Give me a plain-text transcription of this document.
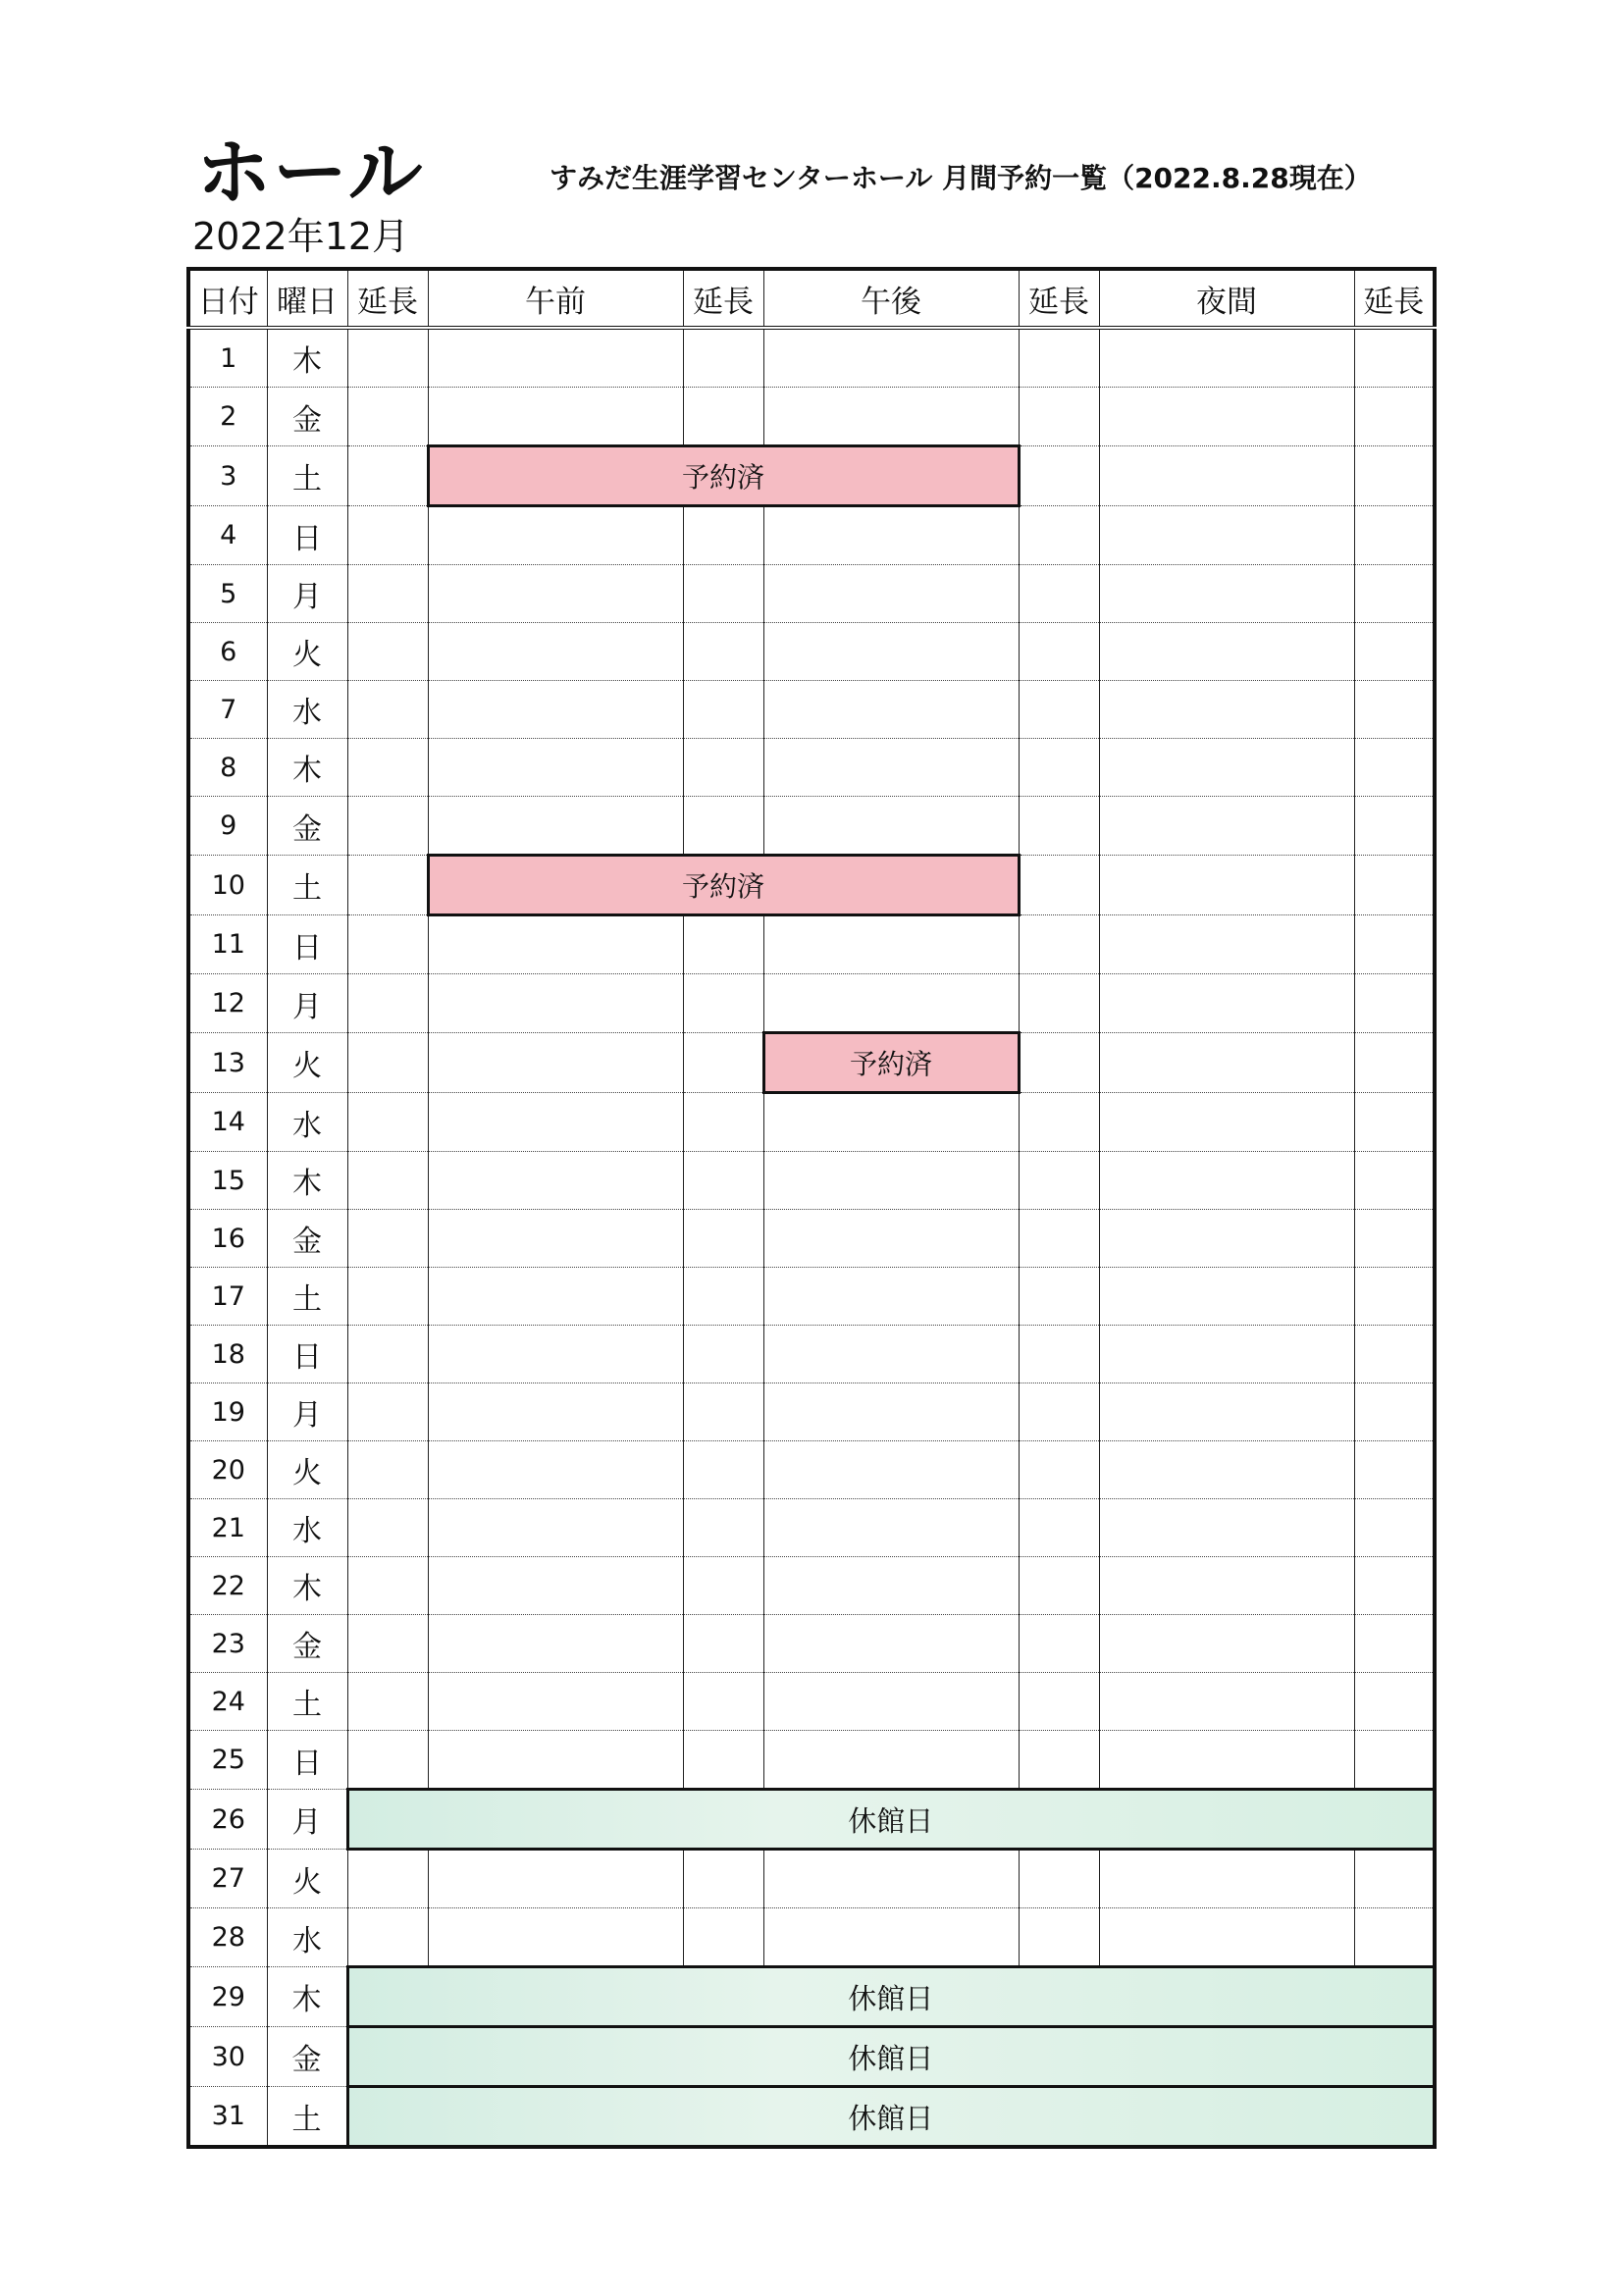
ホール
2022年12月
すみだ生涯学習センターホール 月間予約一覧（2022.8.28現在）
日付	曜日	延長	午前	延長	午後	延長	夜間	延長
1	木							
2	金							
3	土		予約済					
4	日							
5	月							
6	火							
7	水							
8	木							
9	金							
10	土		予約済					
11	日							
12	月							
13	火				予約済			
14	水							
15	木							
16	金							
17	土							
18	日							
19	月							
20	火							
21	水							
22	木							
23	金							
24	土							
25	日							
26	月	休館日						
27	火							
28	水							
29	木	休館日						
30	金	休館日						
31	土	休館日						
